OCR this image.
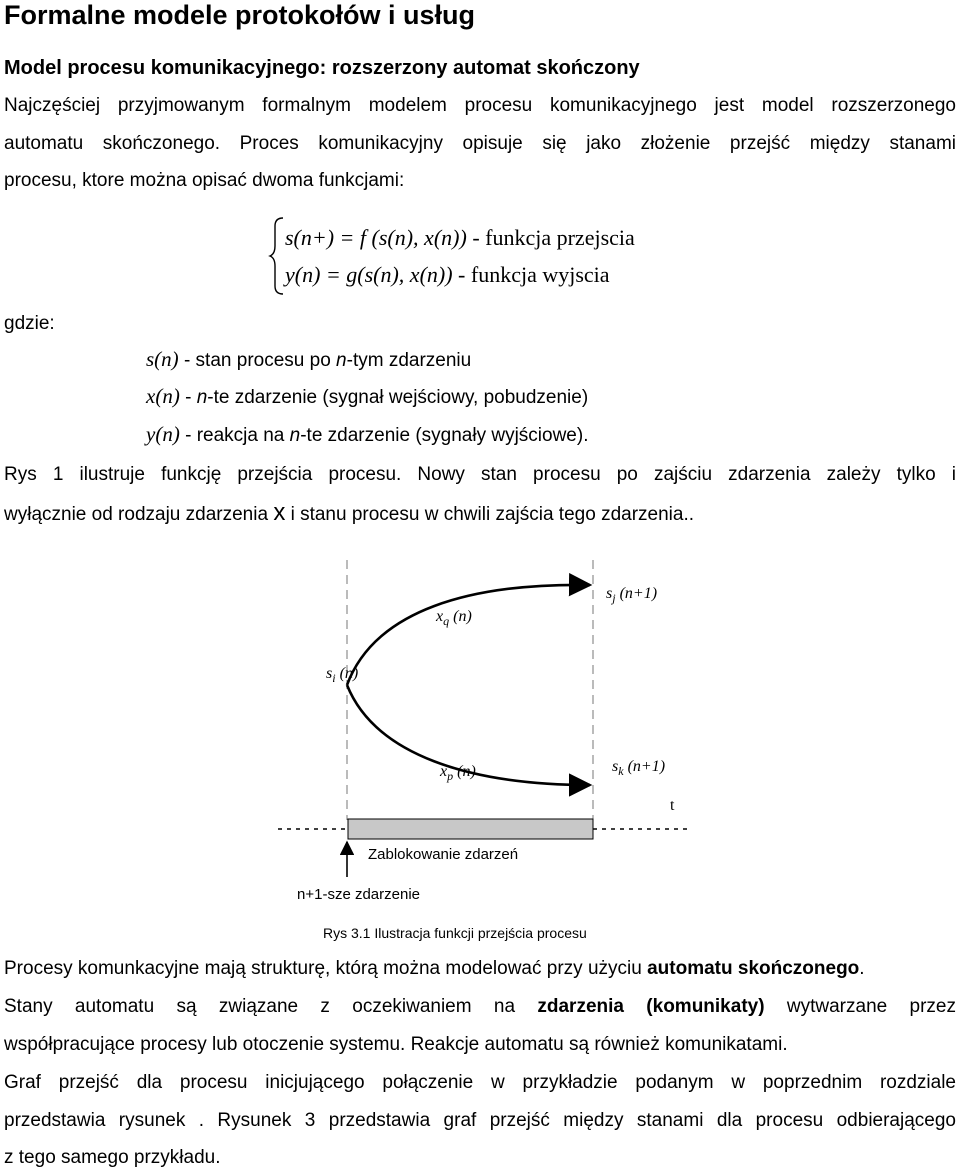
Formalne modele protokołów i usług
Model procesu komunikacyjnego: rozszerzony automat skończony
Najczęściej przyjmowanym formalnym modelem procesu komunikacyjnego jest model rozszerzonego
automatu skończonego. Proces komunikacyjny opisuje się jako złożenie przejść między stanami
procesu, ktore można opisać dwoma funkcjami:
s(n+) = f (s(n), x(n)) - funkcja przejscia
y(n) = g(s(n), x(n)) - funkcja wyjscia
gdzie:
s(n) - stan procesu po n-tym zdarzeniu
x(n) - n-te zdarzenie (sygnał wejściowy, pobudzenie)
y(n) - reakcja na n-te zdarzenie (sygnały wyjściowe).
Rys 1 ilustruje funkcję przejścia procesu. Nowy stan procesu po zajściu zdarzenia zależy tylko i
wyłącznie od rodzaju zdarzenia x i stanu procesu w chwili zajścia tego zdarzenia..
$s_i$ (n)
$x_q$ (n)
$s_j$ (n+1)
$x_p$ (n)	$s_k$ (n+1)
t
Zablokowanie zdarzeń
n+1-sze zdarzenie
Rys 3.1 Ilustracja funkcji przejścia procesu
Procesy komunkacyjne mają strukturę, którą można modelować przy użyciu automatu skończonego.
Stany automatu są związane z oczekiwaniem na zdarzenia (komunikaty) wytwarzane przez
współpracujące procesy lub otoczenie systemu. Reakcje automatu są również komunikatami.
Graf przejść dla procesu inicjującego połączenie w przykładzie podanym w poprzednim rozdziale
przedstawia rysunek . Rysunek 3 przedstawia graf przejść między stanami dla procesu odbierającego
z tego samego przykładu.
